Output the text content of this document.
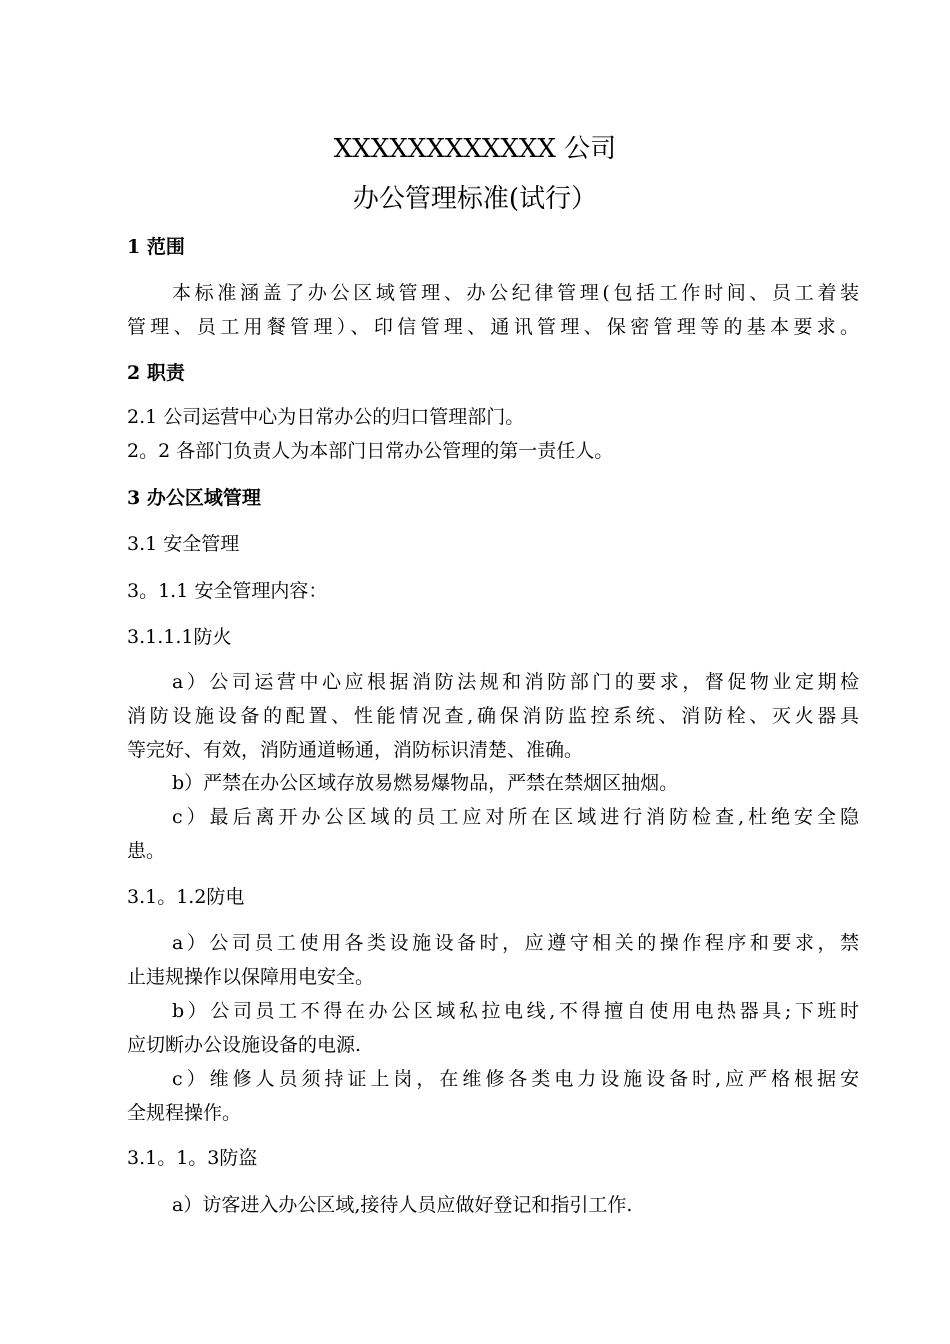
XXXXXXXXXXXX 公司
办公管理标准(试行）
1 范围
本标准涵盖了办公区域管理、办公纪律管理(包括工作时间、员工着装
管理、员工用餐管理）、印信管理、通讯管理、保密管理等的基本要求。
2 职责
2.1 公司运营中心为日常办公的归口管理部门。
2。2 各部门负责人为本部门日常办公管理的第一责任人。
3 办公区域管理
3.1 安全管理
3。1.1 安全管理内容：
3.1.1.1防火
a）公司运营中心应根据消防法规和消防部门的要求，督促物业定期检
消防设施设备的配置、性能情况查,确保消防监控系统、消防栓、灭火器具
等完好、有效，消防通道畅通，消防标识清楚、准确。
b）严禁在办公区域存放易燃易爆物品，严禁在禁烟区抽烟。
c）最后离开办公区域的员工应对所在区域进行消防检查,杜绝安全隐
患。
3.1。1.2防电
a）公司员工使用各类设施设备时，应遵守相关的操作程序和要求，禁
止违规操作以保障用电安全。
b）公司员工不得在办公区域私拉电线,不得擅自使用电热器具;下班时
应切断办公设施设备的电源.
c）维修人员须持证上岗，在维修各类电力设施设备时,应严格根据安
全规程操作。
3.1。1。3防盗
a）访客进入办公区域,接待人员应做好登记和指引工作.
